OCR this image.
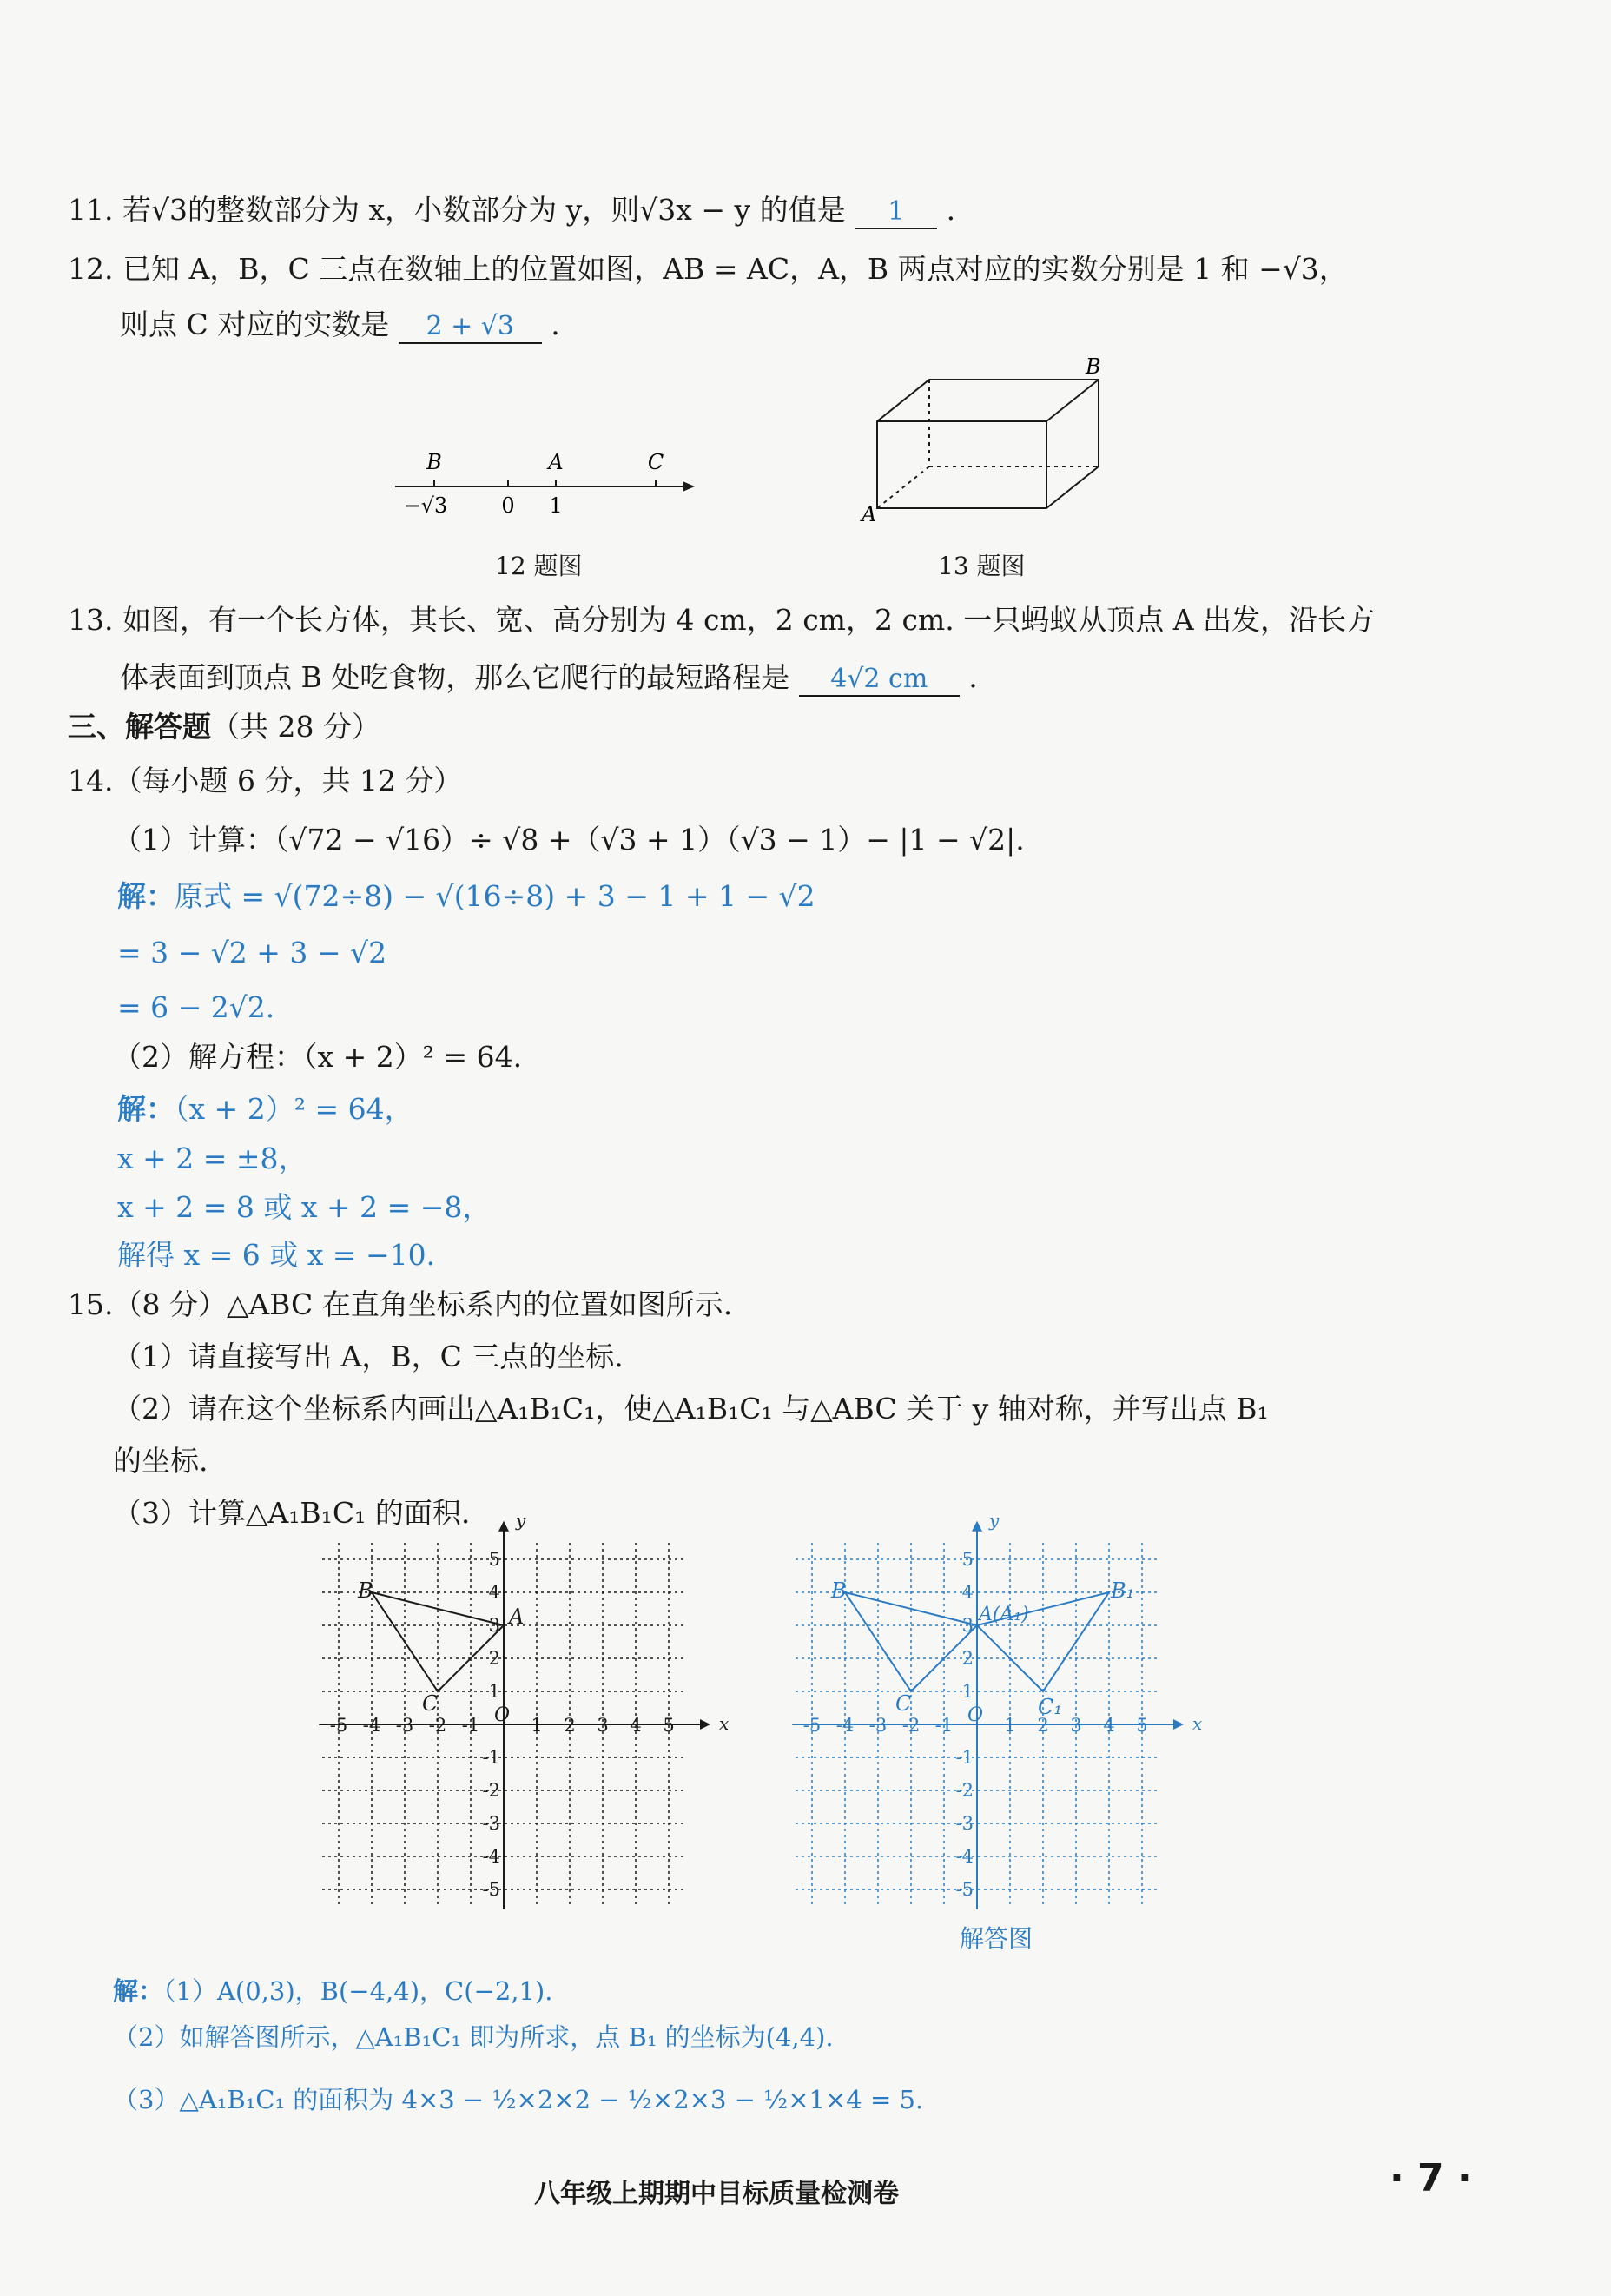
11. 若√3的整数部分为 x，小数部分为 y，则√3x − y 的值是 1 .
12. 已知 A，B，C 三点在数轴上的位置如图，AB = AC，A，B 两点对应的实数分别是 1 和 −√3，
则点 C 对应的实数是 2 + √3 .
B	A	C
−√3	0 1
12 题图
A
B
13 题图
13. 如图，有一个长方体，其长、宽、高分别为 4 cm，2 cm，2 cm. 一只蚂蚁从顶点 A 出发，沿长方
体表面到顶点 B 处吃食物，那么它爬行的最短路程是 4√2 cm .
三、解答题（共 28 分）
14.（每小题 6 分，共 12 分）
（1）计算：（√72 − √16）÷ √8 +（√3 + 1）（√3 − 1）− |1 − √2|.
解：原式 = √(72÷8) − √(16÷8) + 3 − 1 + 1 − √2
= 3 − √2 + 3 − √2
= 6 − 2√2.
（2）解方程：（x + 2）² = 64.
解：（x + 2）² = 64，
x + 2 = ±8，
x + 2 = 8 或 x + 2 = −8，
解得 x = 6 或 x = −10.
15.（8 分）△ABC 在直角坐标系内的位置如图所示.
（1）请直接写出 A，B，C 三点的坐标.
（2）请在这个坐标系内画出△A₁B₁C₁，使△A₁B₁C₁ 与△ABC 关于 y 轴对称，并写出点 B₁
的坐标.
（3）计算△A₁B₁C₁ 的面积.
x
y
O
-5 -4 -3 -2 -1	1 2 3 4 5
5
4
3
2
1
-1
-2
-3
-4
-5
A
B
C
x
y
O
-5 -4 -3 -2 -1	1 2 3 4 5
5
4
3
2
1
-1
-2
-3
-4
-5
A(A₁)
B
C
B₁
C₁
解答图
解：（1）A(0,3)，B(−4,4)，C(−2,1).
（2）如解答图所示，△A₁B₁C₁ 即为所求，点 B₁ 的坐标为(4,4).
（3）△A₁B₁C₁ 的面积为 4×3 − ½×2×2 − ½×2×3 − ½×1×4 = 5.
八年级上期期中目标质量检测卷	· 7 ·
